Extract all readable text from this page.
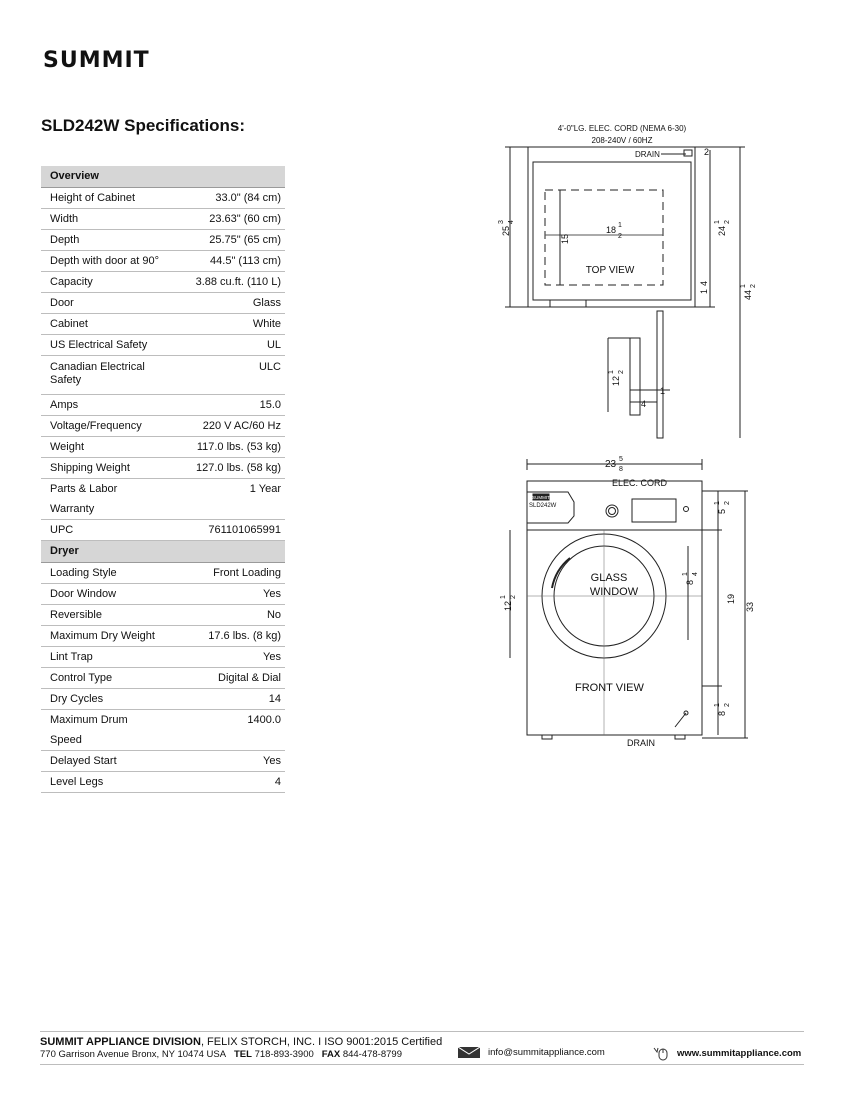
SUMMIT
SLD242W Specifications:
Overview	
Height of Cabinet	33.0" (84 cm)
Width	23.63" (60 cm)
Depth	25.75" (65 cm)
Depth with door at 90°	44.5" (113 cm)
Capacity	3.88 cu.ft. (110 L)
Door	Glass
Cabinet	White
US Electrical Safety	UL
Canadian Electrical Safety	ULC
Amps	15.0
Voltage/Frequency	220 V AC/60 Hz
Weight	117.0 lbs. (53 kg)
Shipping Weight	127.0 lbs. (58 kg)
Parts & Labor Warranty	1 Year
UPC	761101065991
Dryer	
Loading Style	Front Loading
Door Window	Yes
Reversible	No
Maximum Dry Weight	17.6 lbs. (8 kg)
Lint Trap	Yes
Control Type	Digital & Dial
Dry Cycles	14
Maximum Drum Speed	1400.0
Delayed Start	Yes
Level Legs	4
4'-0"LG. ELEC. CORD (NEMA 6-30)
208-240V / 60HZ
DRAIN
TOP VIEW
18 1
2
15
2
24
1 2
44
1 2
25
3 4
1
4
12
1 2
1
4
23 5
8
ELEC. CORD
SUMMIT
SLD242W
GLASS
WINDOW
FRONT VIEW
DRAIN
12
1 2
8
1 4
5
1 2
19
33
8
1 2
SUMMIT APPLIANCE DIVISION, FELIX STORCH, INC. I ISO 9001:2015 Certified
770 Garrison Avenue Bronx, NY 10474 USA TEL 718-893-3900 FAX 844-478-8799	info@summitappliance.com	www.summitappliance.com
